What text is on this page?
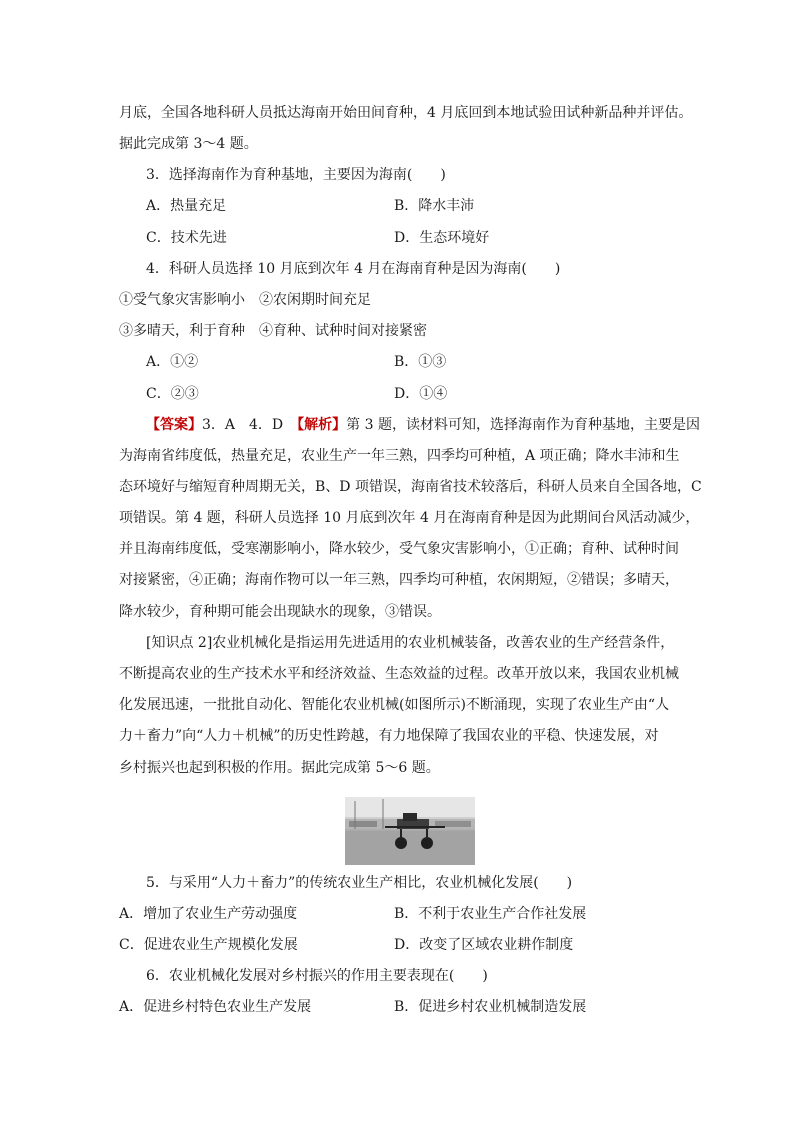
月底，全国各地科研人员抵达海南开始田间育种，4 月底回到本地试验田试种新品种并评估。
据此完成第 3～4 题。
3．选择海南作为育种基地，主要因为海南(　　)
A．热量充足	B．降水丰沛
C．技术先进	D．生态环境好
4．科研人员选择 10 月底到次年 4 月在海南育种是因为海南(　　)
①受气象灾害影响小　②农闲期时间充足
③多晴天，利于育种　④育种、试种时间对接紧密
A．①②	B．①③
C．②③	D．①④
【答案】3．A　4．D　【解析】第 3 题，读材料可知，选择海南作为育种基地，主要是因
为海南省纬度低，热量充足，农业生产一年三熟，四季均可种植，A 项正确；降水丰沛和生
态环境好与缩短育种周期无关，B、D 项错误，海南省技术较落后，科研人员来自全国各地，C
项错误。第 4 题，科研人员选择 10 月底到次年 4 月在海南育种是因为此期间台风活动减少，
并且海南纬度低，受寒潮影响小，降水较少，受气象灾害影响小，①正确；育种、试种时间
对接紧密，④正确；海南作物可以一年三熟，四季均可种植，农闲期短，②错误；多晴天，
降水较少，育种期可能会出现缺水的现象，③错误。
[知识点 2]农业机械化是指运用先进适用的农业机械装备，改善农业的生产经营条件，
不断提高农业的生产技术水平和经济效益、生态效益的过程。改革开放以来，我国农业机械
化发展迅速，一批批自动化、智能化农业机械(如图所示)不断涌现，实现了农业生产由“人
力＋畜力”向“人力＋机械”的历史性跨越，有力地保障了我国农业的平稳、快速发展，对
乡村振兴也起到积极的作用。据此完成第 5～6 题。
5．与采用“人力＋畜力”的传统农业生产相比，农业机械化发展(　　)
A．增加了农业生产劳动强度	B．不利于农业生产合作社发展
C．促进农业生产规模化发展	D．改变了区域农业耕作制度
6．农业机械化发展对乡村振兴的作用主要表现在(　　)
A．促进乡村特色农业生产发展	B．促进乡村农业机械制造发展
